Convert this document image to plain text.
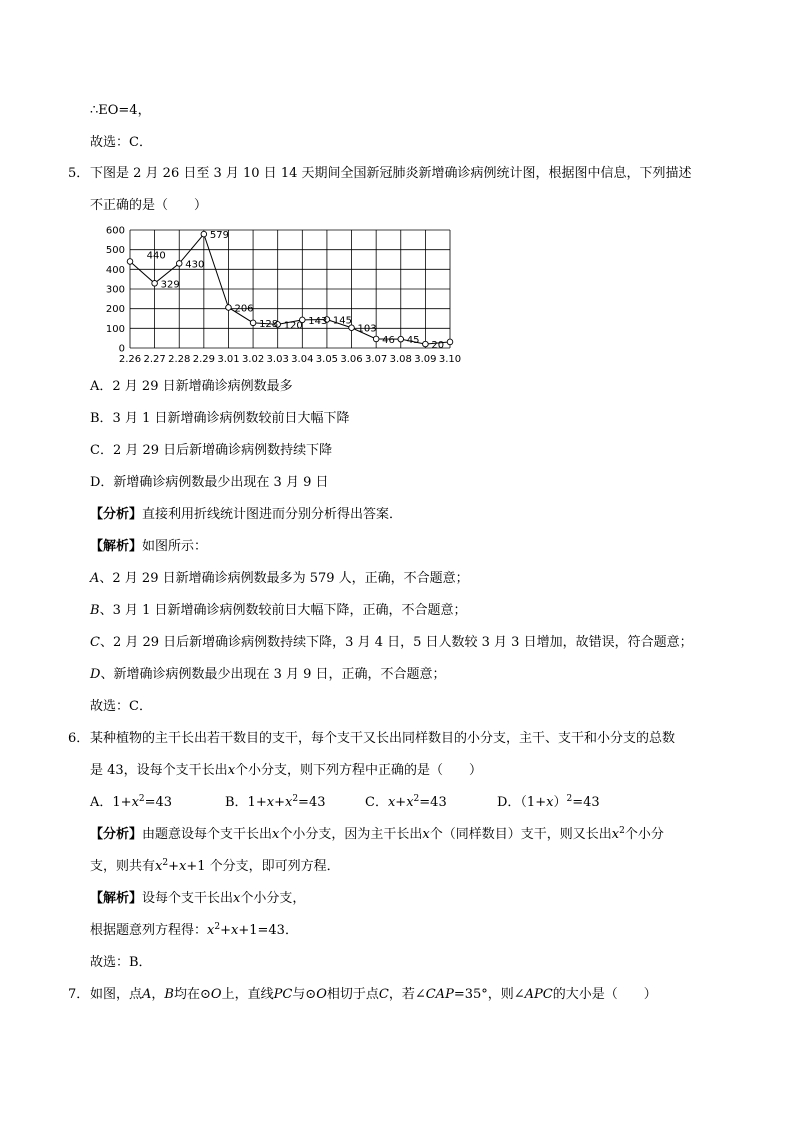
∴EO=4，
故选：C．
5． 下图是 2 月 26 日至 3 月 10 日 14 天期间全国新冠肺炎新增确诊病例统计图，根据图中信息，下列描述
不正确的是（　　）
0
100
200
300
400
500
600
2.26 2.27 2.28 2.29 3.01 3.02 3.03 3.04 3.05 3.06 3.07 3.08 3.09 3.10
440
329
430
579
206
128 120 143 145
103
46 45 20
A．2 月 29 日新增确诊病例数最多
B．3 月 1 日新增确诊病例数较前日大幅下降
C．2 月 29 日后新增确诊病例数持续下降
D．新增确诊病例数最少出现在 3 月 9 日
【分析】直接利用折线统计图进而分别分析得出答案．
【解析】如图所示：
A、2 月 29 日新增确诊病例数最多为 579 人，正确，不合题意；
B、3 月 1 日新增确诊病例数较前日大幅下降，正确，不合题意；
C、2 月 29 日后新增确诊病例数持续下降，3 月 4 日，5 日人数较 3 月 3 日增加，故错误，符合题意；
D、新增确诊病例数最少出现在 3 月 9 日，正确，不合题意；
故选：C．
6． 某种植物的主干长出若干数目的支干，每个支干又长出同样数目的小分支，主干、支干和小分支的总数
是 43，设每个支干长出x个小分支，则下列方程中正确的是（　　）
A．$1+x^2=43$	B．$1+x+x^2=43$	C．$x+x^2=43$	D．$(1+x)^2=43$
【分析】由题意设每个支干长出x个小分支，因为主干长出x个（同样数目）支干，则又长出$x^2$个小分
支，则共有$x^2+x+1$ 个分支，即可列方程．
【解析】设每个支干长出x个小分支，
根据题意列方程得：$x^2+x+1=43$．
故选：B．
7． 如图，点A，B均在⊙O上，直线PC与⊙O相切于点C，若∠CAP=35°，则∠APC的大小是（　　）
